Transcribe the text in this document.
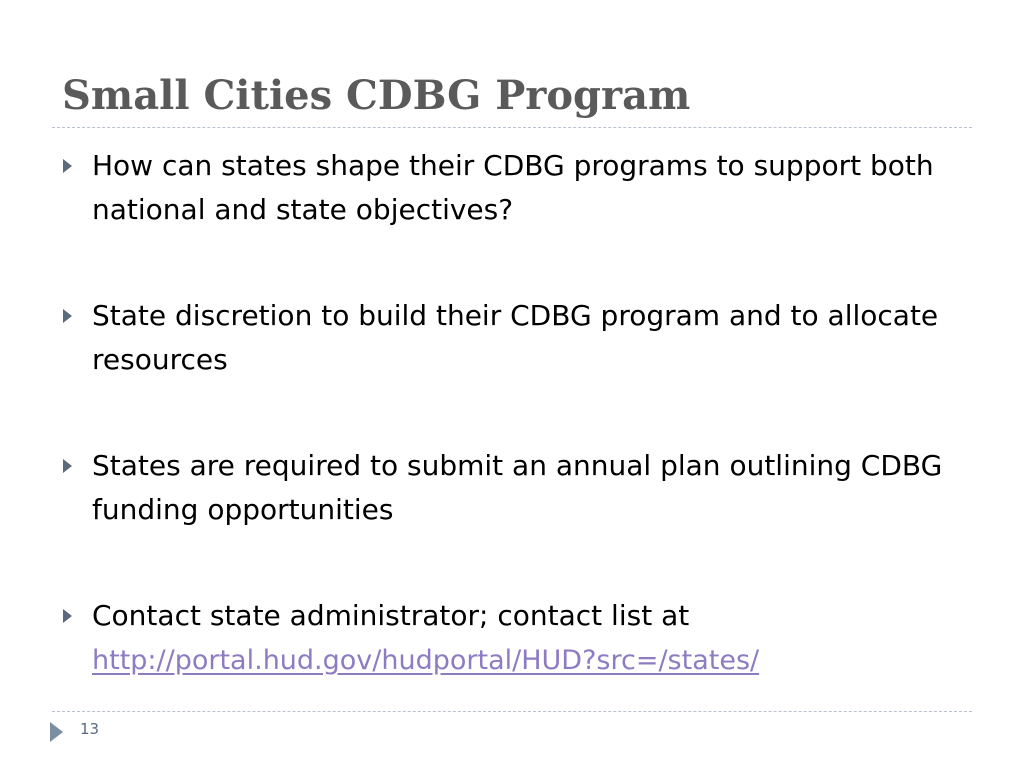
Small Cities CDBG Program
How can states shape their CDBG programs to support both national and state objectives?
State discretion to build their CDBG program and to allocate resources
States are required to submit an annual plan outlining CDBG funding opportunities
Contact state administrator; contact list at
http://portal.hud.gov/hudportal/HUD?src=/states/
13
